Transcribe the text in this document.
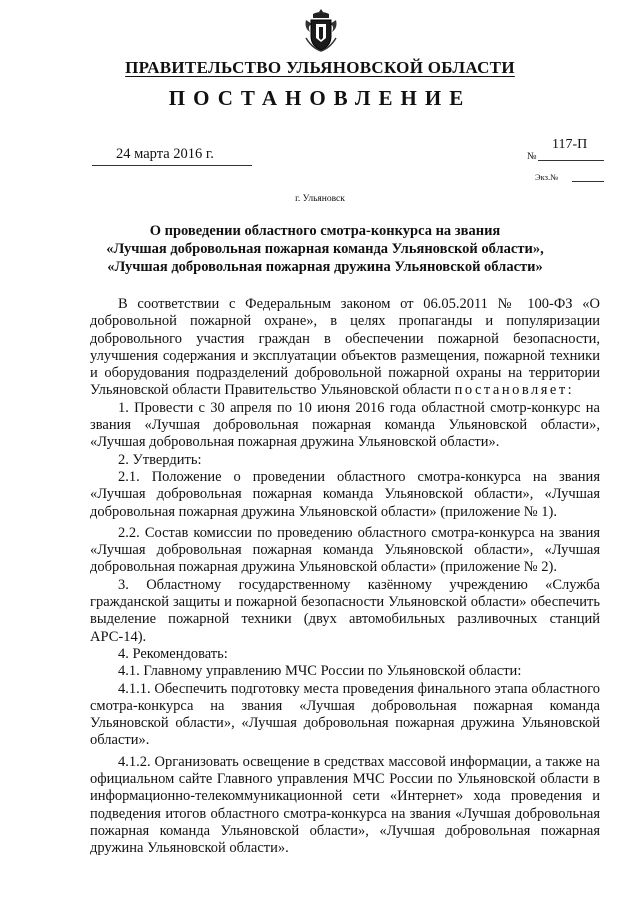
ПРАВИТЕЛЬСТВО УЛЬЯНОВСКОЙ ОБЛАСТИ
ПОСТАНОВЛЕНИЕ
24 марта 2016 г.	№
117-П
Экз.№
г. Ульяновск
О проведении областного смотра-конкурса на звания
«Лучшая добровольная пожарная команда Ульяновской области»,
«Лучшая добровольная пожарная дружина Ульяновской области»

В соответствии с Федеральным законом от 06.05.2011 № 100-ФЗ «О добровольной пожарной охране», в целях пропаганды и популяризации добровольного участия граждан в обеспечении пожарной безопасности, улучшения содержания и эксплуатации объектов размещения, пожарной техники и оборудования подразделений добровольной пожарной охраны на территории Ульяновской области Правительство Ульяновской области постановляет:

1. Провести с 30 апреля по 10 июня 2016 года областной смотр-конкурс на звания «Лучшая добровольная пожарная команда Ульяновской области», «Лучшая добровольная пожарная дружина Ульяновской области».

2. Утвердить:

2.1. Положение о проведении областного смотра-конкурса на звания «Лучшая добровольная пожарная команда Ульяновской области», «Лучшая добровольная пожарная дружина Ульяновской области» (приложение № 1).

2.2. Состав комиссии по проведению областного смотра-конкурса на звания «Лучшая добровольная пожарная команда Ульяновской области», «Лучшая добровольная пожарная дружина Ульяновской области» (приложение № 2).

3. Областному государственному казённому учреждению «Служба гражданской защиты и пожарной безопасности Ульяновской области» обеспечить выделение пожарной техники (двух автомобильных разливочных станций АРС-14).

4. Рекомендовать:

4.1. Главному управлению МЧС России по Ульяновской области:

4.1.1. Обеспечить подготовку места проведения финального этапа областного смотра-конкурса на звания «Лучшая добровольная пожарная команда Ульяновской области», «Лучшая добровольная пожарная дружина Ульяновской области».

4.1.2. Организовать освещение в средствах массовой информации, а также на официальном сайте Главного управления МЧС России по Ульяновской области в информационно-телекоммуникационной сети «Интернет» хода проведения и подведения итогов областного смотра-конкурса на звания «Лучшая добровольная пожарная команда Ульяновской области», «Лучшая добровольная пожарная дружина Ульяновской области».
